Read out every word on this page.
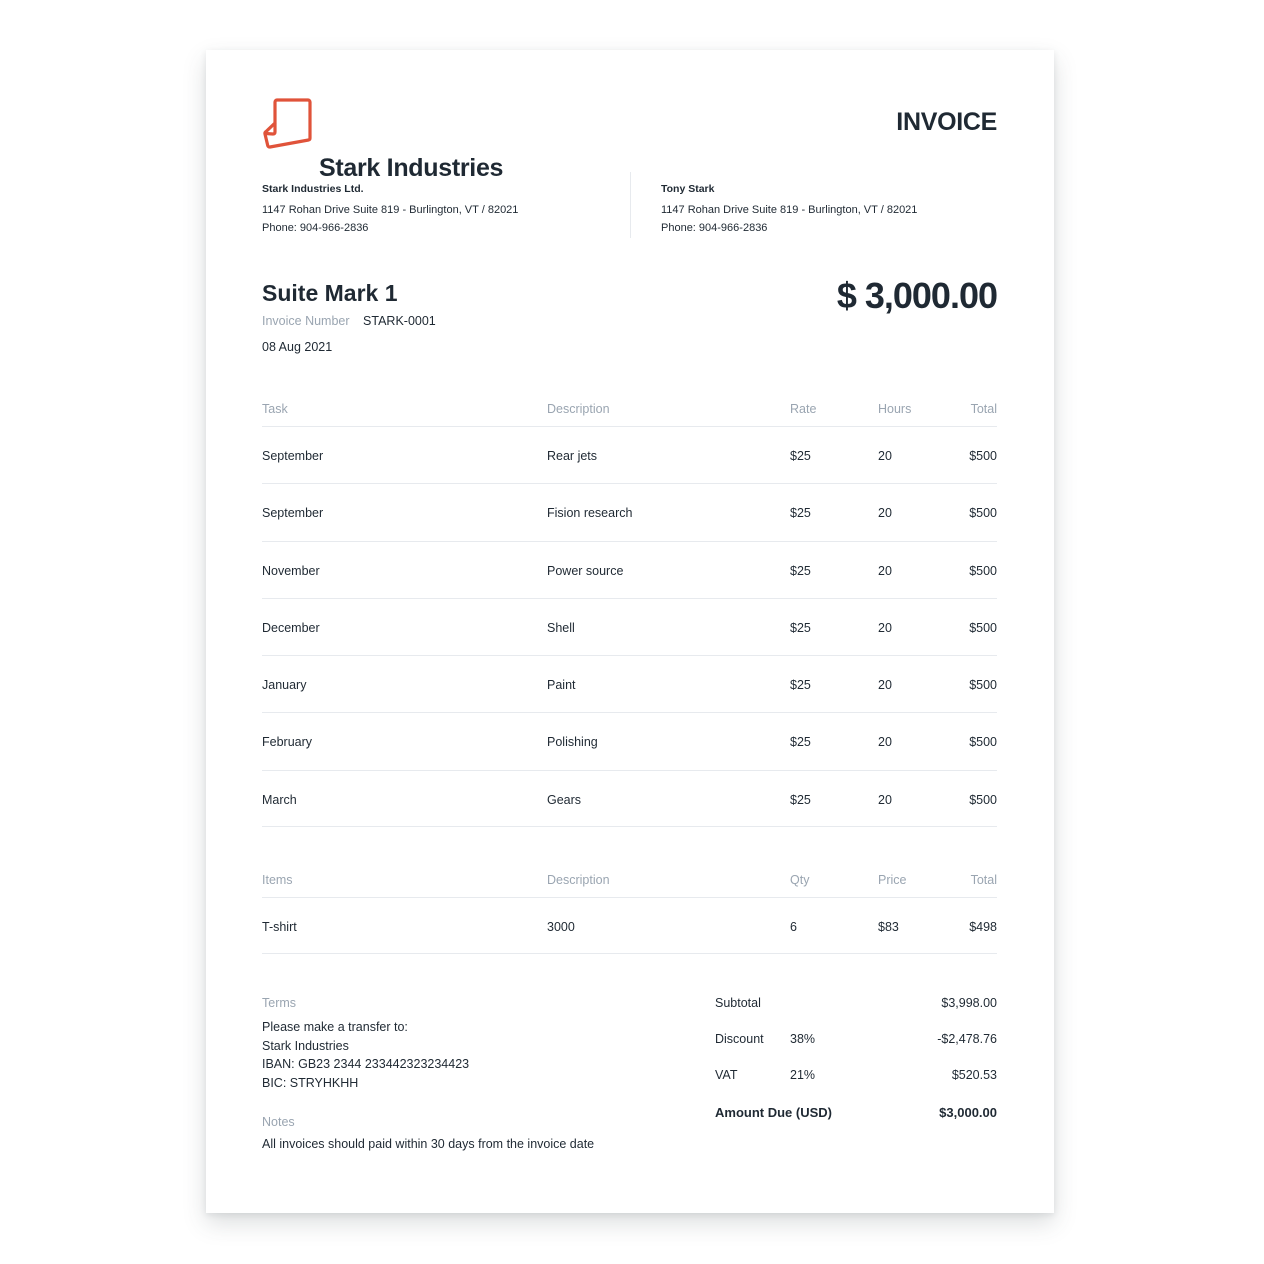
Stark Industries
INVOICE
Stark Industries Ltd.
1147 Rohan Drive Suite 819 - Burlington, VT / 82021
Phone: 904-966-2836
Tony Stark
1147 Rohan Drive Suite 819 - Burlington, VT / 82021
Phone: 904-966-2836
Suite Mark 1
Invoice Number STARK-0001
08 Aug 2021
$ 3,000.00
Task	Description	Rate	Hours	Total
September	Rear jets	$25	20	$500
September	Fision research	$25	20	$500
November	Power source	$25	20	$500
December	Shell	$25	20	$500
January	Paint	$25	20	$500
February	Polishing	$25	20	$500
March	Gears	$25	20	$500
Items	Description	Qty	Price	Total
T-shirt	3000	6	$83	$498
Terms
Please make a transfer to:
Stark Industries
IBAN: GB23 2344 233442323234423
BIC: STRYHKHH
Notes
All invoices should paid within 30 days from the invoice date
Subtotal	$3,998.00
Discount 38%	-$2,478.76
VAT	21%	$520.53
Amount Due (USD)	$3,000.00
